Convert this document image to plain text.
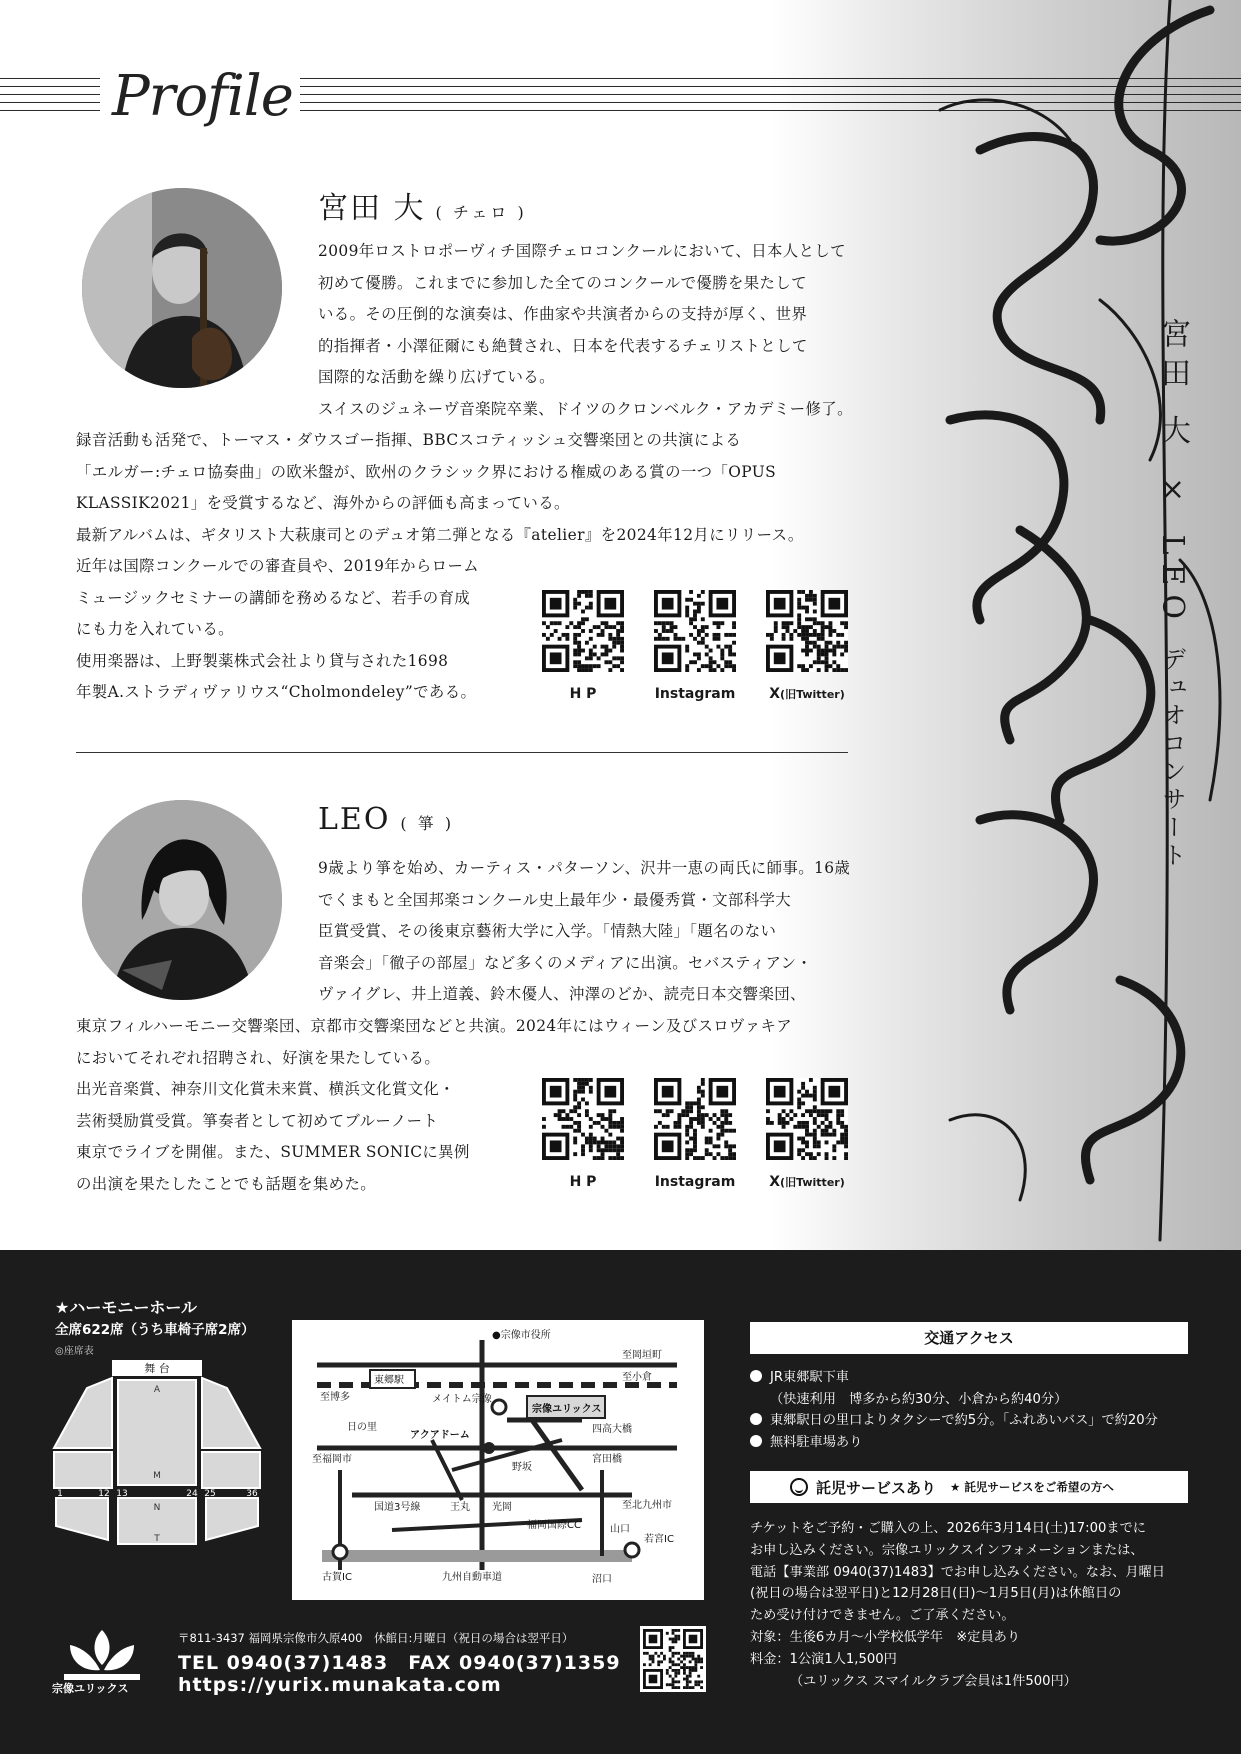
Profile
宮田 大 × LEO デュオコンサート
宮田 大 ( チェロ )
2009年ロストロポーヴィチ国際チェロコンクールにおいて、日本人として
初めて優勝。これまでに参加した全てのコンクールで優勝を果たして
いる。その圧倒的な演奏は、作曲家や共演者からの支持が厚く、世界
的指揮者・小澤征爾にも絶賛され、日本を代表するチェリストとして
国際的な活動を繰り広げている。
スイスのジュネーヴ音楽院卒業、ドイツのクロンベルク・アカデミー修了。
録音活動も活発で、トーマス・ダウスゴー指揮、BBCスコティッシュ交響楽団との共演による
「エルガー:チェロ協奏曲」の欧米盤が、欧州のクラシック界における権威のある賞の一つ「OPUS
KLASSIK2021」を受賞するなど、海外からの評価も高まっている。
最新アルバムは、ギタリスト大萩康司とのデュオ第二弾となる『atelier』を2024年12月にリリース。
近年は国際コンクールでの審査員や、2019年からローム
ミュージックセミナーの講師を務めるなど、若手の育成
にも力を入れている。
使用楽器は、上野製薬株式会社より貸与された1698
年製A.ストラディヴァリウス“Cholmondeley”である。	H P	Instagram X(旧Twitter)
LEO ( 箏 )
9歳より箏を始め、カーティス・パターソン、沢井一恵の両氏に師事。16歳
でくまもと全国邦楽コンクール史上最年少・最優秀賞・文部科学大
臣賞受賞、その後東京藝術大学に入学。「情熱大陸」「題名のない
音楽会」「徹子の部屋」など多くのメディアに出演。セバスティアン・
ヴァイグレ、井上道義、鈴木優人、沖澤のどか、読売日本交響楽団、
東京フィルハーモニー交響楽団、京都市交響楽団などと共演。2024年にはウィーン及びスロヴァキア
においてそれぞれ招聘され、好演を果たしている。
出光音楽賞、神奈川文化賞未来賞、横浜文化賞文化・
芸術奨励賞受賞。箏奏者として初めてブルーノート
東京でライブを開催。また、SUMMER SONICに異例
の出演を果たしたことでも話題を集めた。	H P	Instagram X(旧Twitter)
★ハーモニーホール
全席622席（うち車椅子席2席）
◎座席表
舞 台
A
M
N
T
1	12 13	24 25	36
●宗像市役所
至岡垣町
至小倉
東郷駅
至博多	メイトム宗像
宗像ユリックス
日の里
アクアドーム
四高大橋
至福岡市	宮田橋
野坂
国道3号線	王丸 光岡	至北九州市
福岡国際CC	山口
若宮IC
古賀IC	九州自動車道	沼口
交通アクセス
JR東郷駅下車
（快速利用　博多から約30分、小倉から約40分）
東郷駅日の里口よりタクシーで約5分。「ふれあいバス」で約20分
無料駐車場あり
託児サービスあり ★ 託児サービスをご希望の方へ
チケットをご予約・ご購入の上、2026年3月14日(土)17:00までに
お申し込みください。宗像ユリックスインフォメーションまたは、
電話【事業部 0940(37)1483】でお申し込みください。なお、月曜日
(祝日の場合は翌平日)と12月28日(日)～1月5日(月)は休館日の
ため受け付けできません。ご了承ください。
対象：生後6カ月～小学校低学年　※定員あり
料金：1公演1人1,500円
（ユリックス スマイルクラブ会員は1件500円）
宗像ユリックス
〒811-3437 福岡県宗像市久原400　休館日:月曜日（祝日の場合は翌平日）
TEL 0940(37)1483　FAX 0940(37)1359
https://yurix.munakata.com
